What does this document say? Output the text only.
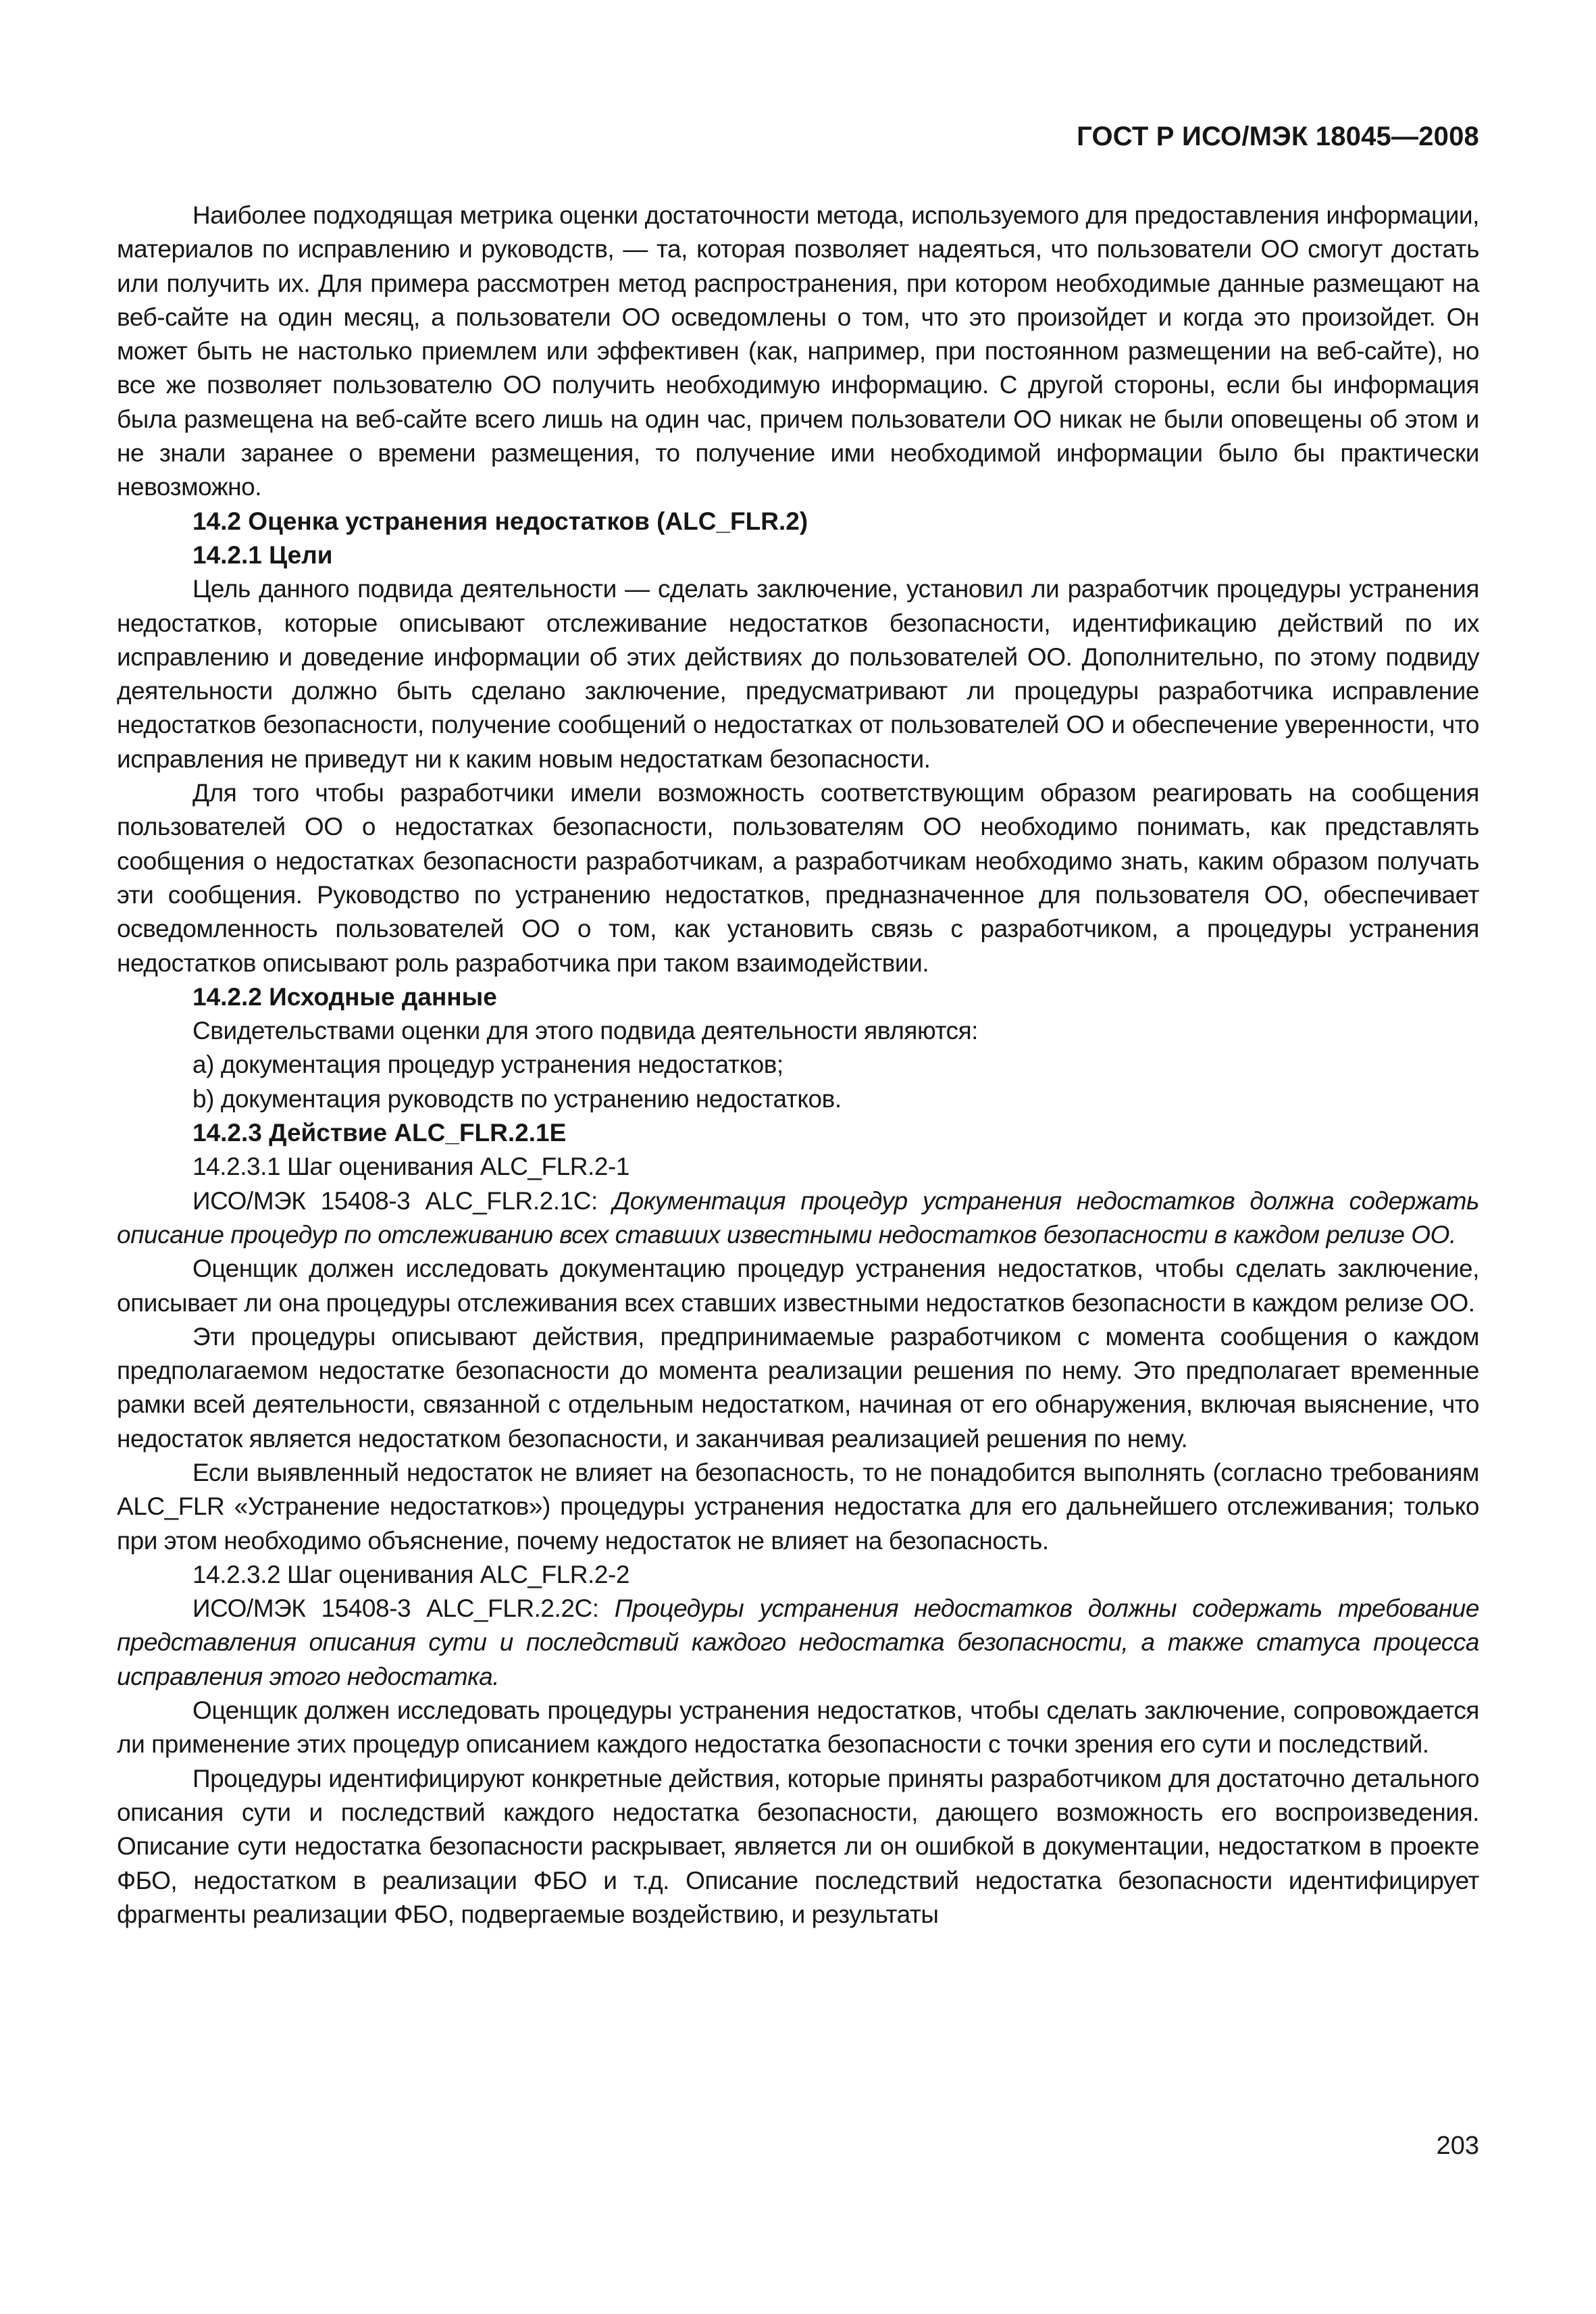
ГОСТ Р ИСО/МЭК 18045—2008

Наиболее подходящая метрика оценки достаточности метода, используемого для предоставления информации, материалов по исправлению и руководств, — та, которая позволяет надеяться, что пользователи ОО смогут достать или получить их. Для примера рассмотрен метод распространения, при котором необходимые данные размещают на веб-сайте на один месяц, а пользователи ОО осведомлены о том, что это произойдет и когда это произойдет. Он может быть не настолько приемлем или эффективен (как, например, при постоянном размещении на веб-сайте), но все же позволяет пользователю ОО получить необходимую информацию. С другой стороны, если бы информация была размещена на веб-сайте всего лишь на один час, причем пользователи ОО никак не были оповещены об этом и не знали заранее о времени размещения, то получение ими необходимой информации было бы практически невозможно.

14.2 Оценка устранения недостатков (ALC_FLR.2)

14.2.1 Цели

Цель данного подвида деятельности — сделать заключение, установил ли разработчик процедуры устранения недостатков, которые описывают отслеживание недостатков безопасности, идентификацию действий по их исправлению и доведение информации об этих действиях до пользователей ОО. Дополнительно, по этому подвиду деятельности должно быть сделано заключение, предусматривают ли процедуры разработчика исправление недостатков безопасности, получение сообщений о недостатках от пользователей ОО и обеспечение уверенности, что исправления не приведут ни к каким новым недостаткам безопасности.

Для того чтобы разработчики имели возможность соответствующим образом реагировать на сообщения пользователей ОО о недостатках безопасности, пользователям ОО необходимо понимать, как представлять сообщения о недостатках безопасности разработчикам, а разработчикам необходимо знать, каким образом получать эти сообщения. Руководство по устранению недостатков, предназначенное для пользователя ОО, обеспечивает осведомленность пользователей ОО о том, как установить связь с разработчиком, а процедуры устранения недостатков описывают роль разработчика при таком взаимодействии.

14.2.2 Исходные данные

Свидетельствами оценки для этого подвида деятельности являются:

a) документация процедур устранения недостатков;

b) документация руководств по устранению недостатков.

14.2.3 Действие ALC_FLR.2.1E

14.2.3.1 Шаг оценивания ALC_FLR.2-1

ИСО/МЭК 15408-3 ALC_FLR.2.1C: Документация процедур устранения недостатков должна содержать описание процедур по отслеживанию всех ставших известными недостатков безопасности в каждом релизе ОО.

Оценщик должен исследовать документацию процедур устранения недостатков, чтобы сделать заключение, описывает ли она процедуры отслеживания всех ставших известными недостатков безопасности в каждом релизе ОО.

Эти процедуры описывают действия, предпринимаемые разработчиком с момента сообщения о каждом предполагаемом недостатке безопасности до момента реализации решения по нему. Это предполагает временные рамки всей деятельности, связанной с отдельным недостатком, начиная от его обнаружения, включая выяснение, что недостаток является недостатком безопасности, и заканчивая реализацией решения по нему.

Если выявленный недостаток не влияет на безопасность, то не понадобится выполнять (согласно требованиям ALC_FLR «Устранение недостатков») процедуры устранения недостатка для его дальнейшего отслеживания; только при этом необходимо объяснение, почему недостаток не влияет на безопасность.

14.2.3.2 Шаг оценивания ALC_FLR.2-2

ИСО/МЭК 15408-3 ALC_FLR.2.2C: Процедуры устранения недостатков должны содержать требование представления описания сути и последствий каждого недостатка безопасности, а также статуса процесса исправления этого недостатка.

Оценщик должен исследовать процедуры устранения недостатков, чтобы сделать заключение, сопровождается ли применение этих процедур описанием каждого недостатка безопасности с точки зрения его сути и последствий.

Процедуры идентифицируют конкретные действия, которые приняты разработчиком для достаточно детального описания сути и последствий каждого недостатка безопасности, дающего возможность его воспроизведения. Описание сути недостатка безопасности раскрывает, является ли он ошибкой в документации, недостатком в проекте ФБО, недостатком в реализации ФБО и т.д. Описание последствий недостатка безопасности идентифицирует фрагменты реализации ФБО, подвергаемые воздействию, и результаты

203
